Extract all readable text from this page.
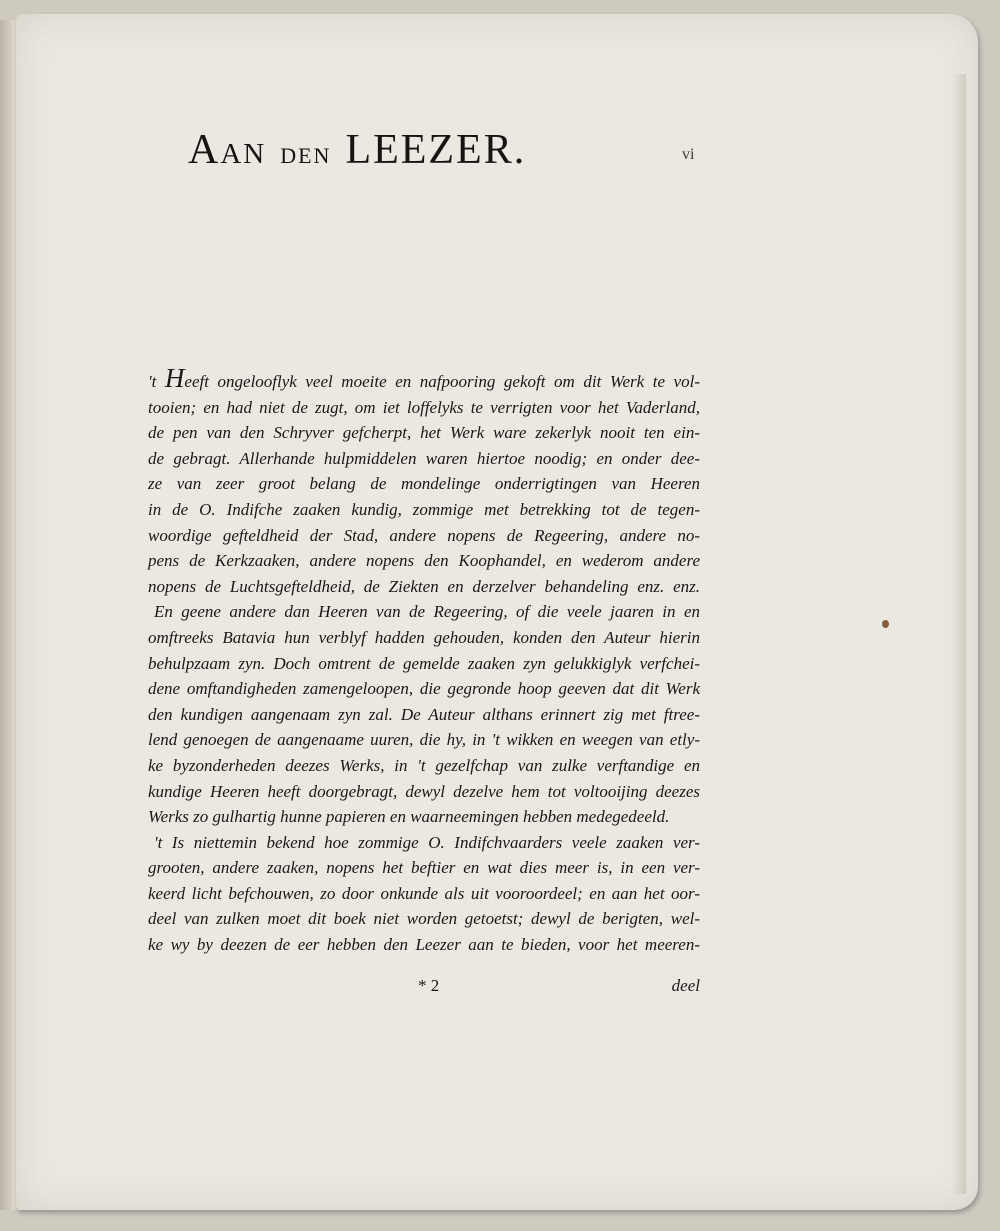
Aan den LEEZER.	vi
't Heeft ongelooflyk veel moeite en nafpooring gekoft om dit Werk te vol-
tooien; en had niet de zugt, om iet loffelyks te verrigten voor het Vaderland,
de pen van den Schryver gefcherpt, het Werk ware zekerlyk nooit ten ein-
de gebragt. Allerhande hulpmiddelen waren hiertoe noodig; en onder dee-
ze van zeer groot belang de mondelinge onderrigtingen van Heeren
in de O. Indifche zaaken kundig, zommige met betrekking tot de tegen-
woordige gefteldheid der Stad, andere nopens de Regeering, andere no-
pens de Kerkzaaken, andere nopens den Koophandel, en wederom andere
nopens de Luchtsgefteldheid, de Ziekten en derzelver behandeling enz. enz.
En geene andere dan Heeren van de Regeering, of die veele jaaren in en
omftreeks Batavia hun verblyf hadden gehouden, konden den Auteur hierin
behulpzaam zyn. Doch omtrent de gemelde zaaken zyn gelukkiglyk verfchei-
dene omftandigheden zamengeloopen, die gegronde hoop geeven dat dit Werk
den kundigen aangenaam zyn zal. De Auteur althans erinnert zig met ftree-
lend genoegen de aangenaame uuren, die hy, in 't wikken en weegen van etly-
ke byzonderheden deezes Werks, in 't gezelfchap van zulke verftandige en
kundige Heeren heeft doorgebragt, dewyl dezelve hem tot voltooijing deezes
Werks zo gulhartig hunne papieren en waarneemingen hebben medegedeeld.
't Is niettemin bekend hoe zommige O. Indifchvaarders veele zaaken ver-
grooten, andere zaaken, nopens het beftier en wat dies meer is, in een ver-
keerd licht befchouwen, zo door onkunde als uit vooroordeel; en aan het oor-
deel van zulken moet dit boek niet worden getoetst; dewyl de berigten, wel-
ke wy by deezen de eer hebben den Leezer aan te bieden, voor het meeren-
* 2	deel
